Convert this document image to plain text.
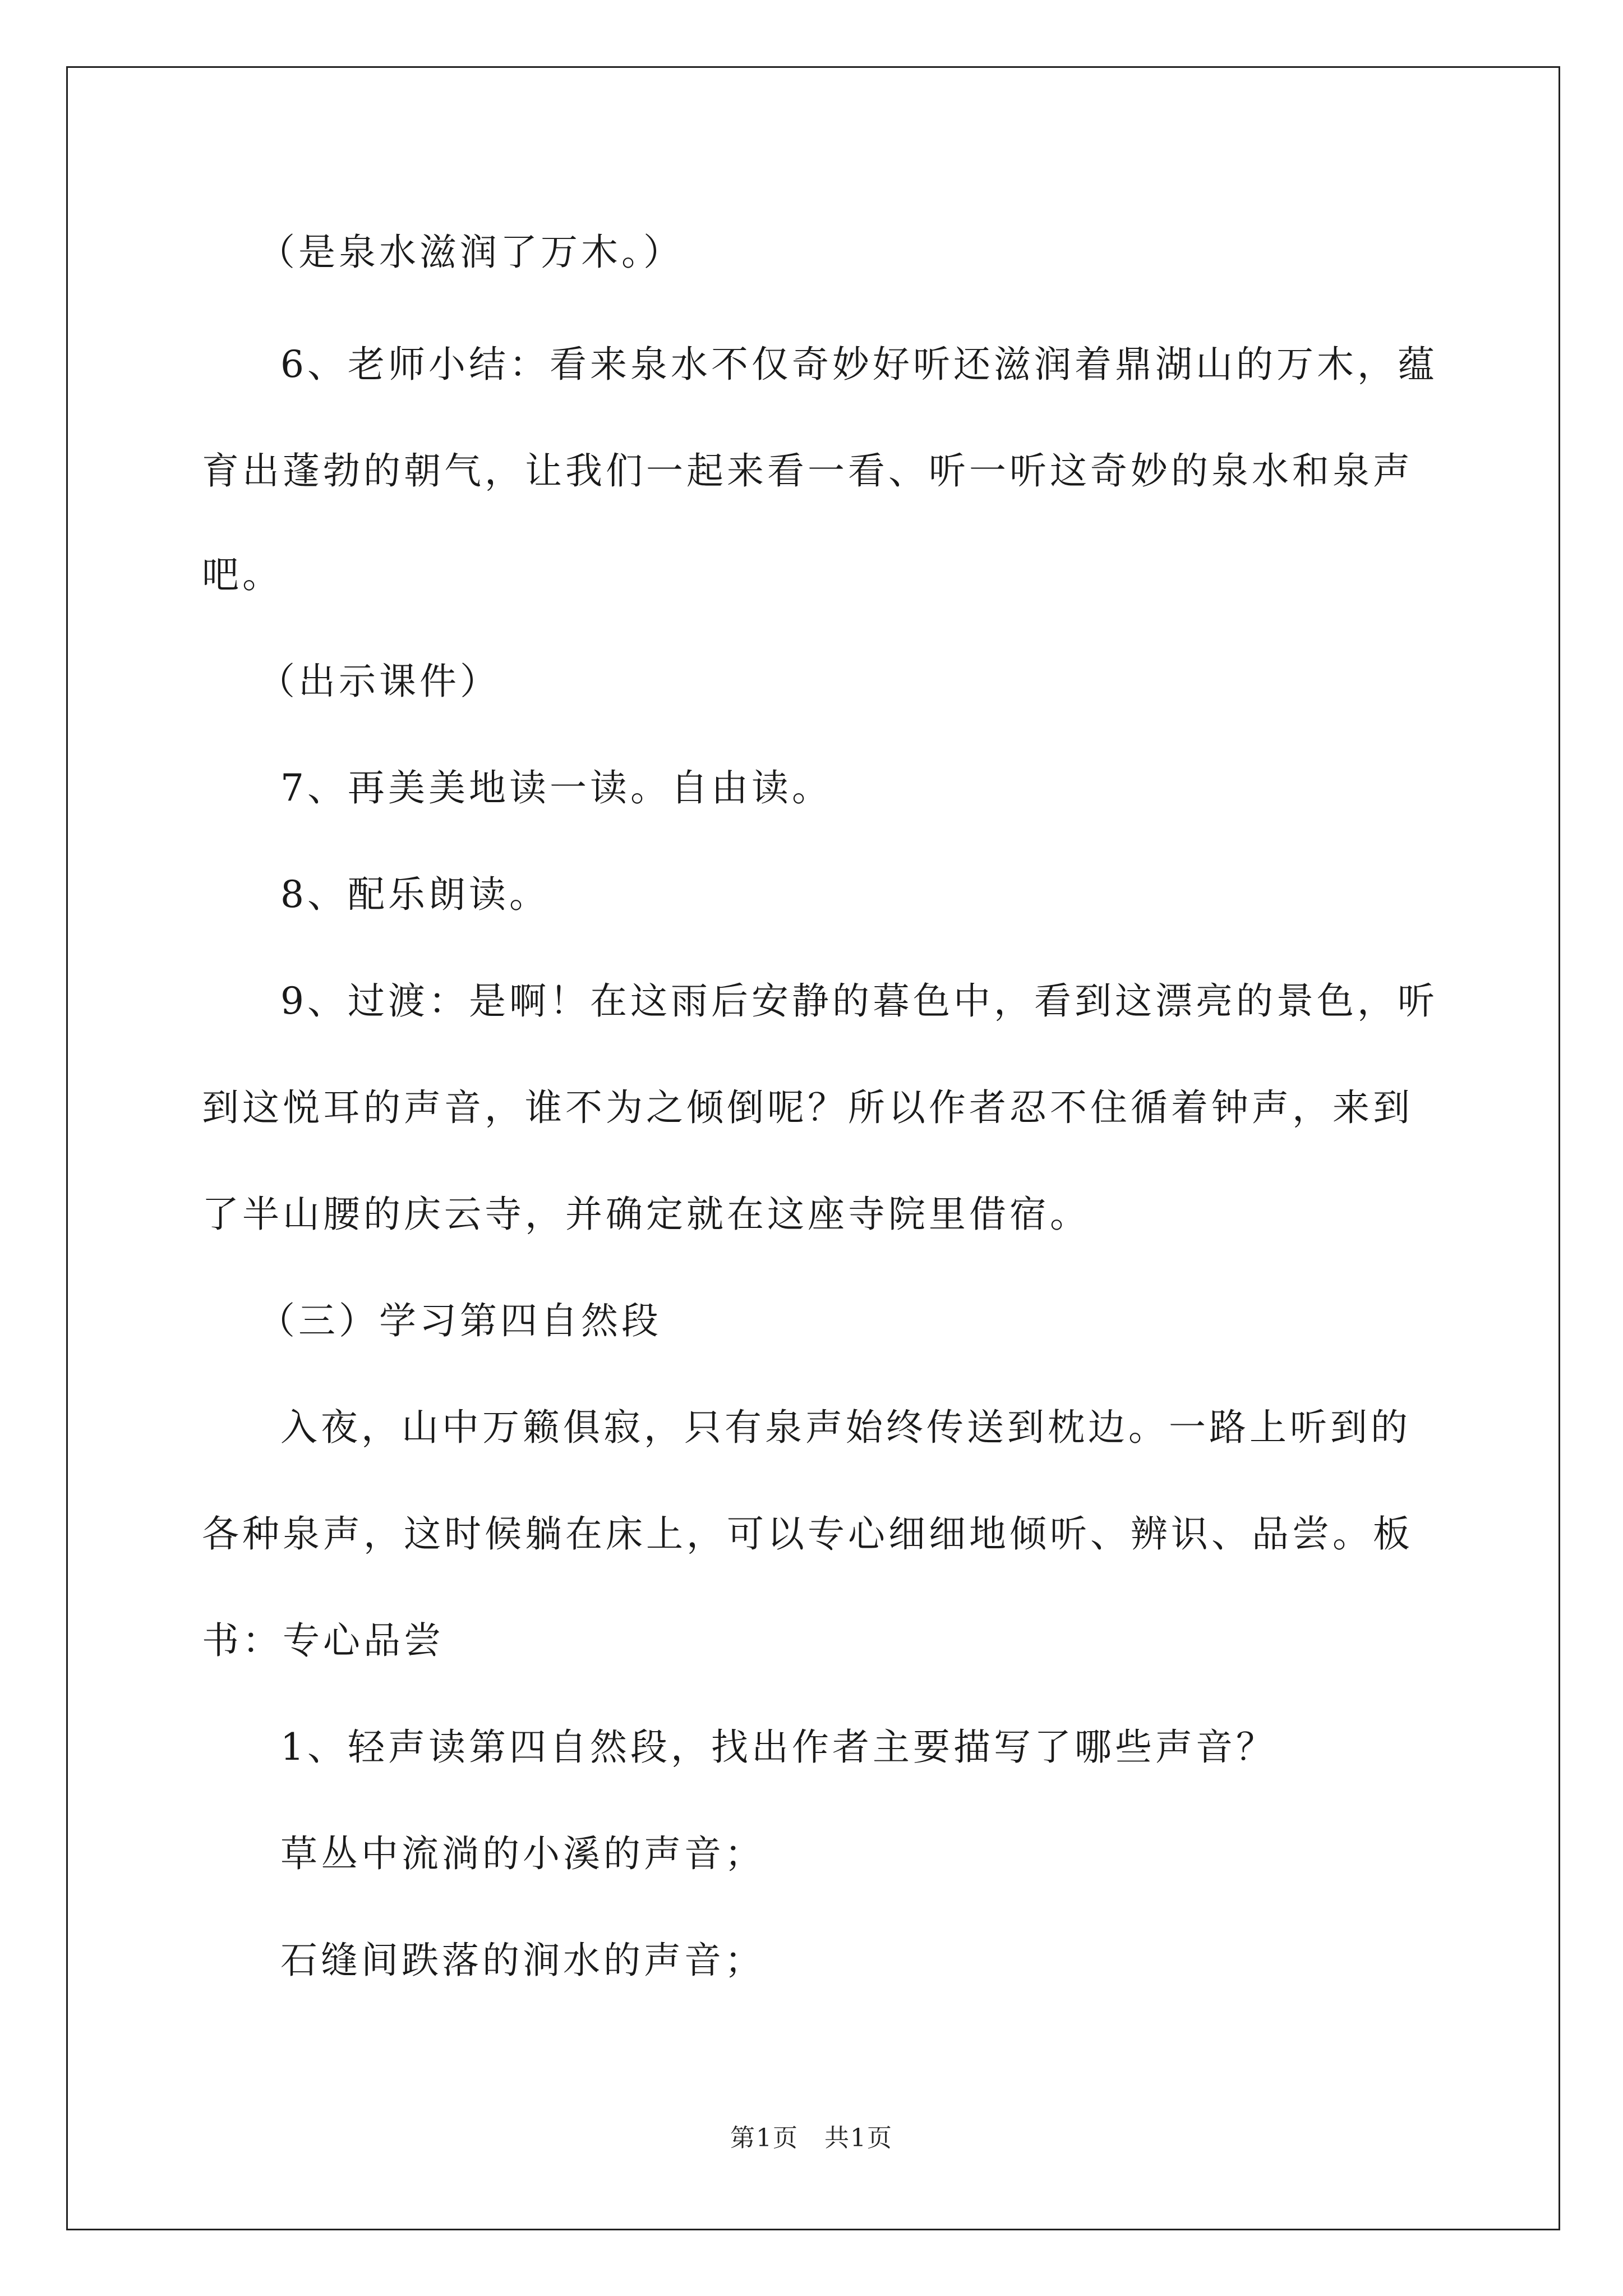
（是泉水滋润了万木。）
6、老师小结：看来泉水不仅奇妙好听还滋润着鼎湖山的万木，蕴
育出蓬勃的朝气，让我们一起来看一看、听一听这奇妙的泉水和泉声
吧。
（出示课件）
7、再美美地读一读。自由读。
8、配乐朗读。
9、过渡：是啊！在这雨后安静的暮色中，看到这漂亮的景色，听
到这悦耳的声音，谁不为之倾倒呢？所以作者忍不住循着钟声，来到
了半山腰的庆云寺，并确定就在这座寺院里借宿。
（三）学习第四自然段
入夜，山中万籁俱寂，只有泉声始终传送到枕边。一路上听到的
各种泉声，这时候躺在床上，可以专心细细地倾听、辨识、品尝。板
书：专心品尝
1、轻声读第四自然段，找出作者主要描写了哪些声音？
草丛中流淌的小溪的声音；
石缝间跌落的涧水的声音；
第1页　共1页
